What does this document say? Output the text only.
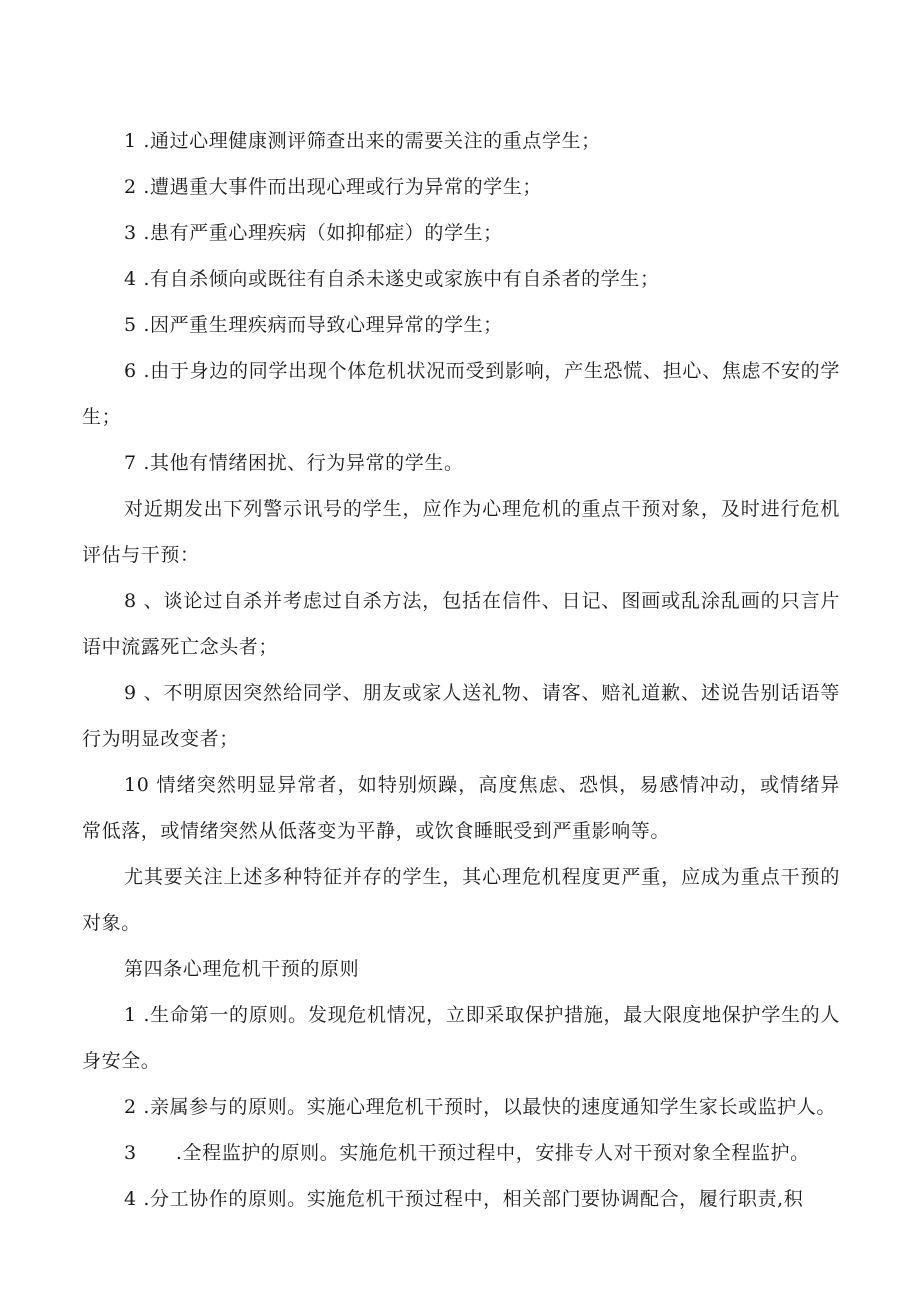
1 .通过心理健康测评筛查出来的需要关注的重点学生；

2 .遭遇重大事件而出现心理或行为异常的学生；

3 .患有严重心理疾病（如抑郁症）的学生；

4 .有自杀倾向或既往有自杀未遂史或家族中有自杀者的学生；

5 .因严重生理疾病而导致心理异常的学生；

6 .由于身边的同学出现个体危机状况而受到影响，产生恐慌、担心、焦虑不安的学生；

7 .其他有情绪困扰、行为异常的学生。

对近期发出下列警示讯号的学生，应作为心理危机的重点干预对象，及时进行危机评估与干预：

8 、谈论过自杀并考虑过自杀方法，包括在信件、日记、图画或乱涂乱画的只言片语中流露死亡念头者；

9 、不明原因突然给同学、朋友或家人送礼物、请客、赔礼道歉、述说告别话语等行为明显改变者；

10 情绪突然明显异常者，如特别烦躁，高度焦虑、恐惧，易感情冲动，或情绪异常低落，或情绪突然从低落变为平静，或饮食睡眠受到严重影响等。

尤其要关注上述多种特征并存的学生，其心理危机程度更严重，应成为重点干预的对象。

第四条心理危机干预的原则

1 .生命第一的原则。发现危机情况，立即采取保护措施，最大限度地保护学生的人身安全。

2 .亲属参与的原则。实施心理危机干预时，以最快的速度通知学生家长或监护人。

3　　.全程监护的原则。实施危机干预过程中，安排专人对干预对象全程监护。

4 .分工协作的原则。实施危机干预过程中，相关部门要协调配合，履行职责,积
